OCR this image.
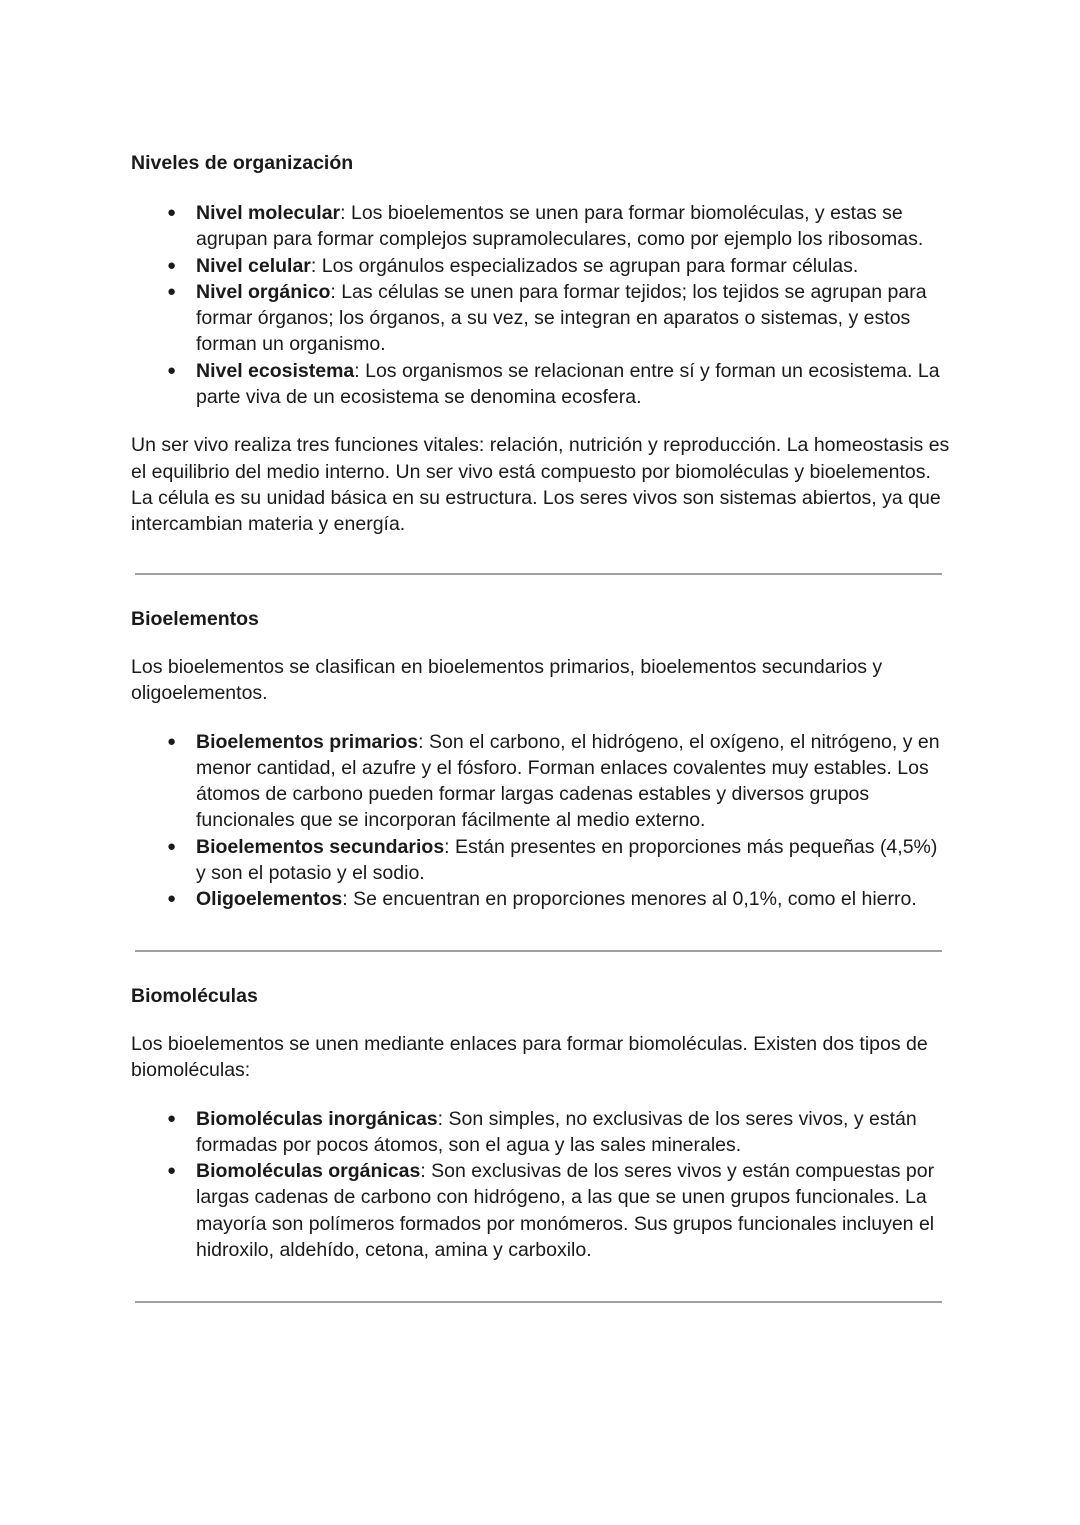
Niveles de organización
● Nivel molecular: Los bioelementos se unen para formar biomoléculas, y estas se agrupan para formar complejos supramoleculares, como por ejemplo los ribosomas.
● Nivel celular: Los orgánulos especializados se agrupan para formar células.
● Nivel orgánico: Las células se unen para formar tejidos; los tejidos se agrupan para formar órganos; los órganos, a su vez, se integran en aparatos o sistemas, y estos forman un organismo.
● Nivel ecosistema: Los organismos se relacionan entre sí y forman un ecosistema. La parte viva de un ecosistema se denomina ecosfera.

Un ser vivo realiza tres funciones vitales: relación, nutrición y reproducción. La homeostasis es el equilibrio del medio interno. Un ser vivo está compuesto por biomoléculas y bioelementos. La célula es su unidad básica en su estructura. Los seres vivos son sistemas abiertos, ya que intercambian materia y energía.

Bioelementos

Los bioelementos se clasifican en bioelementos primarios, bioelementos secundarios y oligoelementos.

● Bioelementos primarios: Son el carbono, el hidrógeno, el oxígeno, el nitrógeno, y en menor cantidad, el azufre y el fósforo. Forman enlaces covalentes muy estables. Los átomos de carbono pueden formar largas cadenas estables y diversos grupos funcionales que se incorporan fácilmente al medio externo.
● Bioelementos secundarios: Están presentes en proporciones más pequeñas (4,5%) y son el potasio y el sodio.
● Oligoelementos: Se encuentran en proporciones menores al 0,1%, como el hierro.
Biomoléculas

Los bioelementos se unen mediante enlaces para formar biomoléculas. Existen dos tipos de biomoléculas:

● Biomoléculas inorgánicas: Son simples, no exclusivas de los seres vivos, y están formadas por pocos átomos, son el agua y las sales minerales.
● Biomoléculas orgánicas: Son exclusivas de los seres vivos y están compuestas por largas cadenas de carbono con hidrógeno, a las que se unen grupos funcionales. La mayoría son polímeros formados por monómeros. Sus grupos funcionales incluyen el hidroxilo, aldehído, cetona, amina y carboxilo.
